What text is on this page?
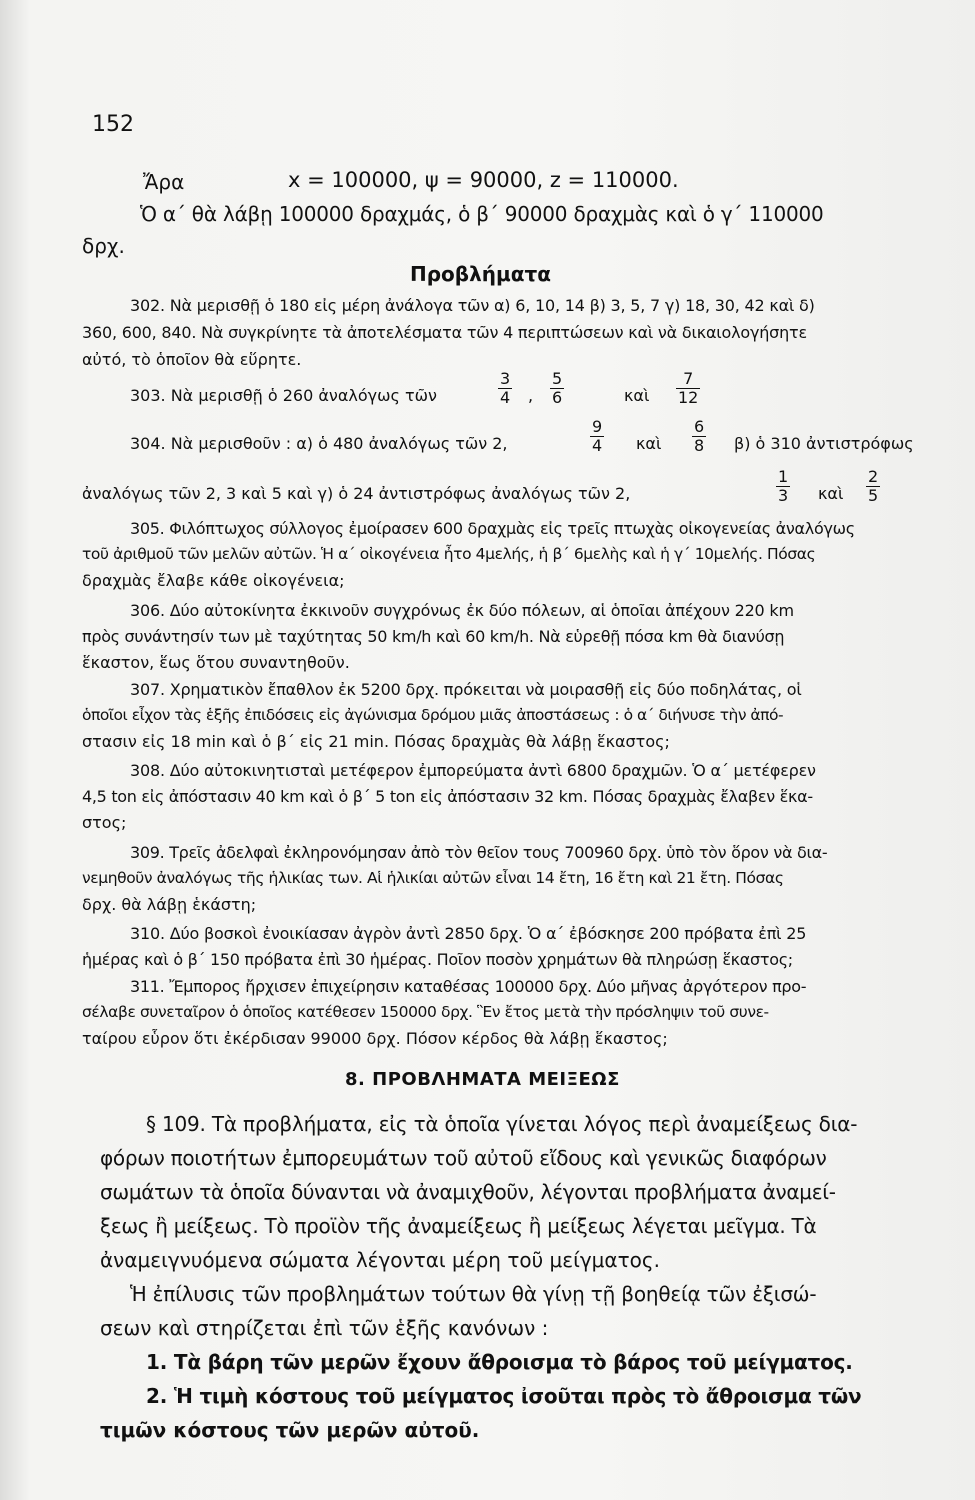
152
Ἄρα	x = 100000, ψ = 90000, z = 110000.
Ὁ α΄ θὰ λάβῃ 100000 δραχμάς, ὁ β΄ 90000 δραχμὰς καὶ ὁ γ΄ 110000
δρχ.
Προβλήματα
302. Νὰ μερισθῇ ὁ 180 εἰς μέρη ἀνάλογα τῶν α) 6, 10, 14 β) 3, 5, 7 γ) 18, 30, 42 καὶ δ)
360, 600, 840. Νὰ συγκρίνητε τὰ ἀποτελέσματα τῶν 4 περιπτώσεων καὶ νὰ δικαιολογήσητε
αὐτό, τὸ ὁποῖον θὰ εὕρητε.
303. Νὰ μερισθῇ ὁ 260 ἀναλόγως τῶν	$\frac{3}{4}$ , $\frac{5}{6}$	καὶ $\frac{7}{12}$
304. Νὰ μερισθοῦν : α) ὁ 480 ἀναλόγως τῶν 2,	$\frac{9}{4}$ καὶ $\frac{6}{8} \beta$) ὁ 310 ἀντιστρόφως
ἀναλόγως τῶν 2, 3 καὶ 5 καὶ γ) ὁ 24 ἀντιστρόφως ἀναλόγως τῶν 2,	$\frac{1}{3}$ καὶ $\frac{2}{5}$
305. Φιλόπτωχος σύλλογος ἐμοίρασεν 600 δραχμὰς εἰς τρεῖς πτωχὰς οἰκογενείας ἀναλόγως
τοῦ ἀριθμοῦ τῶν μελῶν αὐτῶν. Ἡ α΄ οἰκογένεια ἦτο 4μελής, ἡ β΄ 6μελὴς καὶ ἡ γ΄ 10μελής. Πόσας
δραχμὰς ἔλαβε κάθε οἰκογένεια;
306. Δύο αὐτοκίνητα ἐκκινοῦν συγχρόνως ἐκ δύο πόλεων, αἱ ὁποῖαι ἀπέχουν 220 km
πρὸς συνάντησίν των μὲ ταχύτητας 50 km/h καὶ 60 km/h. Νὰ εὑρεθῇ πόσα km θὰ διανύσῃ
ἕκαστον, ἕως ὅτου συναντηθοῦν.
307. Χρηματικὸν ἔπαθλον ἐκ 5200 δρχ. πρόκειται νὰ μοιρασθῇ εἰς δύο ποδηλάτας, οἱ
ὁποῖοι εἶχον τὰς ἑξῆς ἐπιδόσεις εἰς ἀγώνισμα δρόμου μιᾶς ἀποστάσεως : ὁ α΄ διήνυσε τὴν ἀπό-
στασιν εἰς 18 min καὶ ὁ β΄ εἰς 21 min. Πόσας δραχμὰς θὰ λάβῃ ἕκαστος;
308. Δύο αὐτοκινητισταὶ μετέφερον ἐμπορεύματα ἀντὶ 6800 δραχμῶν. Ὁ α΄ μετέφερεν
4,5 ton εἰς ἀπόστασιν 40 km καὶ ὁ β΄ 5 ton εἰς ἀπόστασιν 32 km. Πόσας δραχμὰς ἔλαβεν ἕκα-
στος;
309. Τρεῖς ἀδελφαὶ ἐκληρονόμησαν ἀπὸ τὸν θεῖον τους 700960 δρχ. ὑπὸ τὸν ὅρον νὰ δια-
νεμηθοῦν ἀναλόγως τῆς ἡλικίας των. Αἱ ἡλικίαι αὐτῶν εἶναι 14 ἔτη, 16 ἔτη καὶ 21 ἔτη. Πόσας
δρχ. θὰ λάβῃ ἑκάστη;
310. Δύο βοσκοὶ ἐνοικίασαν ἀγρὸν ἀντὶ 2850 δρχ. Ὁ α΄ ἐβόσκησε 200 πρόβατα ἐπὶ 25
ἡμέρας καὶ ὁ β΄ 150 πρόβατα ἐπὶ 30 ἡμέρας. Ποῖον ποσὸν χρημάτων θὰ πληρώσῃ ἕκαστος;
311. Ἔμπορος ἤρχισεν ἐπιχείρησιν καταθέσας 100000 δρχ. Δύο μῆνας ἀργότερον προ-
σέλαβε συνεταῖρον ὁ ὁποῖος κατέθεσεν 150000 δρχ. Ἓν ἔτος μετὰ τὴν πρόσληψιν τοῦ συνε-
ταίρου εὗρον ὅτι ἐκέρδισαν 99000 δρχ. Πόσον κέρδος θὰ λάβῃ ἕκαστος;
8. ΠΡΟΒΛΗΜΑΤΑ ΜΕΙΞΕΩΣ
§ 109. Τὰ προβλήματα, εἰς τὰ ὁποῖα γίνεται λόγος περὶ ἀναμείξεως δια-
φόρων ποιοτήτων ἐμπορευμάτων τοῦ αὐτοῦ εἴδους καὶ γενικῶς διαφόρων
σωμάτων τὰ ὁποῖα δύνανται νὰ ἀναμιχθοῦν, λέγονται προβλήματα ἀναμεί-
ξεως ἢ μείξεως. Τὸ προϊὸν τῆς ἀναμείξεως ἢ μείξεως λέγεται μεῖγμα. Τὰ
ἀναμειγνυόμενα σώματα λέγονται μέρη τοῦ μείγματος.
Ἡ ἐπίλυσις τῶν προβλημάτων τούτων θὰ γίνῃ τῇ βοηθείᾳ τῶν ἐξισώ-
σεων καὶ στηρίζεται ἐπὶ τῶν ἑξῆς κανόνων :
1. Τὰ βάρη τῶν μερῶν ἔχουν ἄθροισμα τὸ βάρος τοῦ μείγματος.
2. Ἡ τιμὴ κόστους τοῦ μείγματος ἰσοῦται πρὸς τὸ ἄθροισμα τῶν
τιμῶν κόστους τῶν μερῶν αὐτοῦ.
